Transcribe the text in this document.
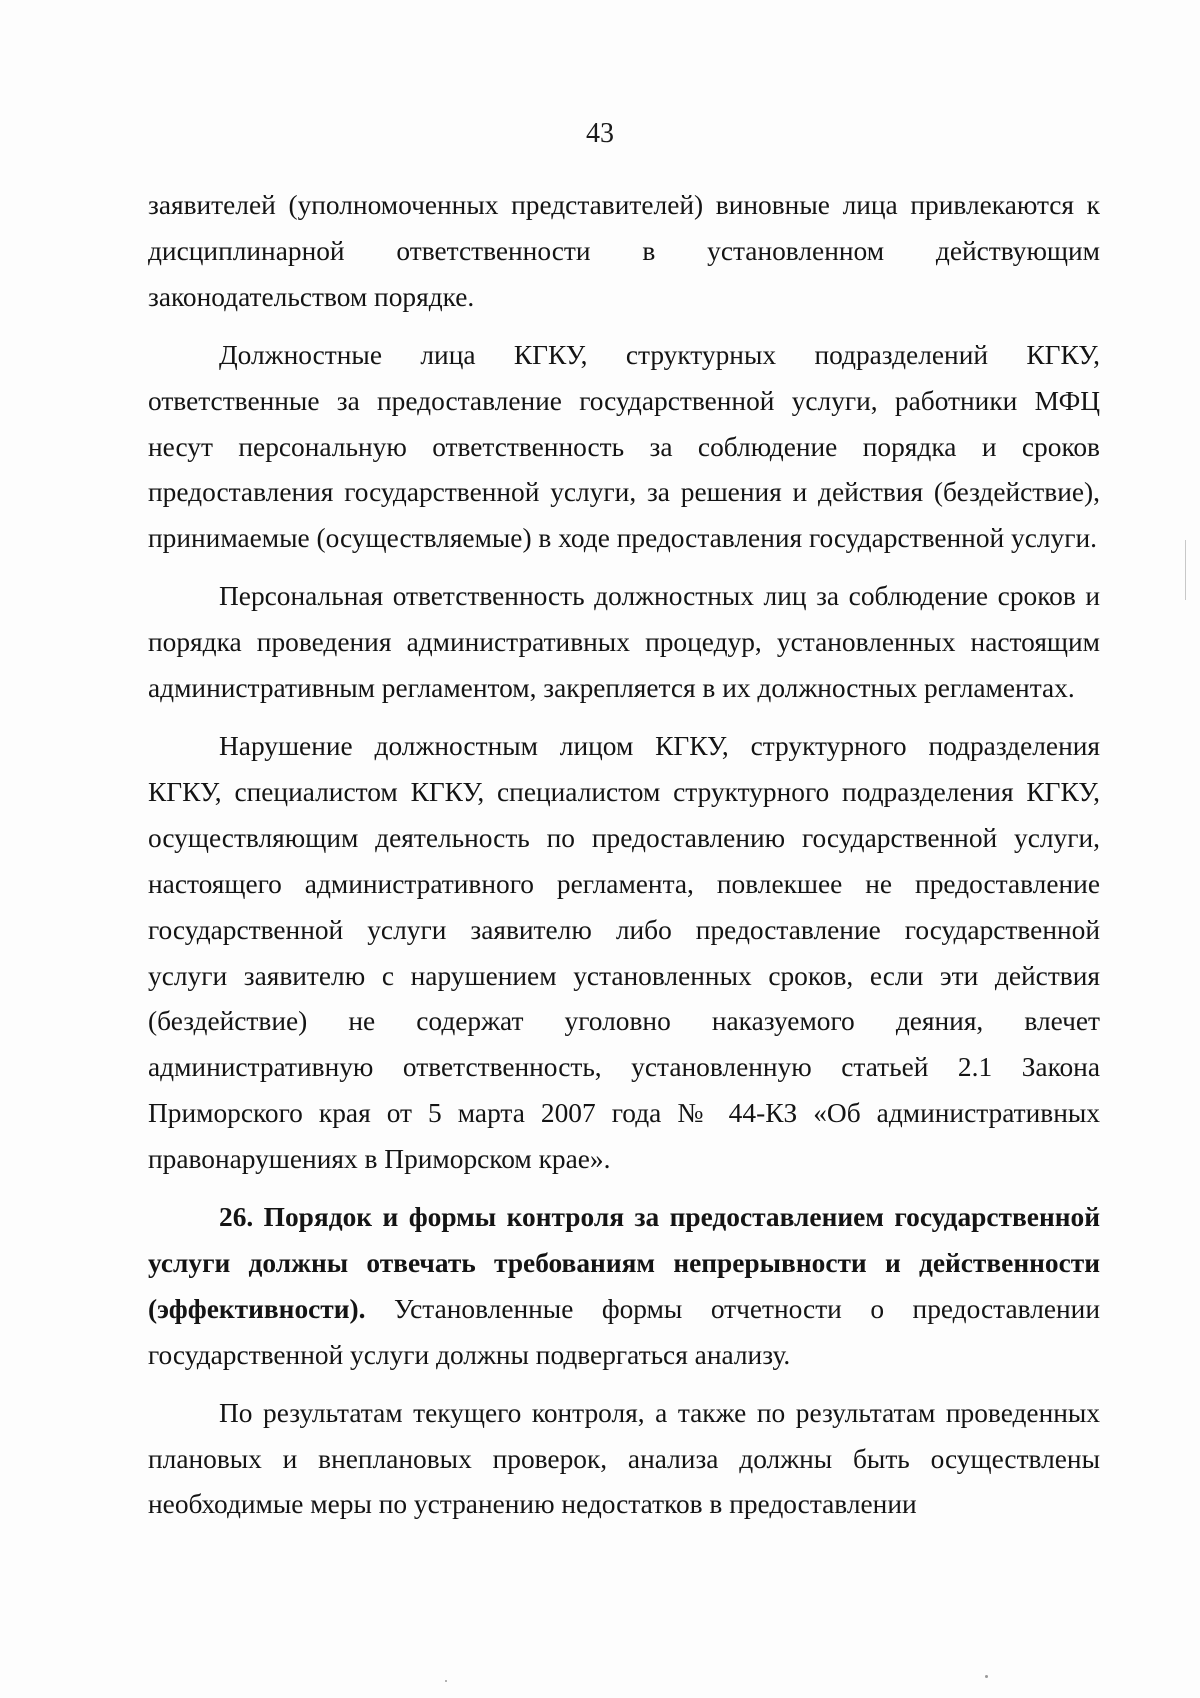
43

заявителей (уполномоченных представителей) виновные лица привлекаются к дисциплинарной ответственности в установленном действующим законодательством порядке.

Должностные лица КГКУ, структурных подразделений КГКУ, ответственные за предоставление государственной услуги, работники МФЦ несут персональную ответственность за соблюдение порядка и сроков предоставления государственной услуги, за решения и действия (бездействие), принимаемые (осуществляемые) в ходе предоставления государственной услуги.

Персональная ответственность должностных лиц за соблюдение сроков и порядка проведения административных процедур, установленных настоящим административным регламентом, закрепляется в их должностных регламентах.

Нарушение должностным лицом КГКУ, структурного подразделения КГКУ, специалистом КГКУ, специалистом структурного подразделения КГКУ, осуществляющим деятельность по предоставлению государственной услуги, настоящего административного регламента, повлекшее не предоставление государственной услуги заявителю либо предоставление государственной услуги заявителю с нарушением установленных сроков, если эти действия (бездействие) не содержат уголовно наказуемого деяния, влечет административную ответственность, установленную статьей 2.1 Закона Приморского края от 5 марта 2007 года № 44-КЗ «Об административных правонарушениях в Приморском крае».

26. Порядок и формы контроля за предоставлением государственной услуги должны отвечать требованиям непрерывности и действенности (эффективности). Установленные формы отчетности о предоставлении государственной услуги должны подвергаться анализу.

По результатам текущего контроля, а также по результатам проведенных плановых и внеплановых проверок, анализа должны быть осуществлены необходимые меры по устранению недостатков в предоставлении
